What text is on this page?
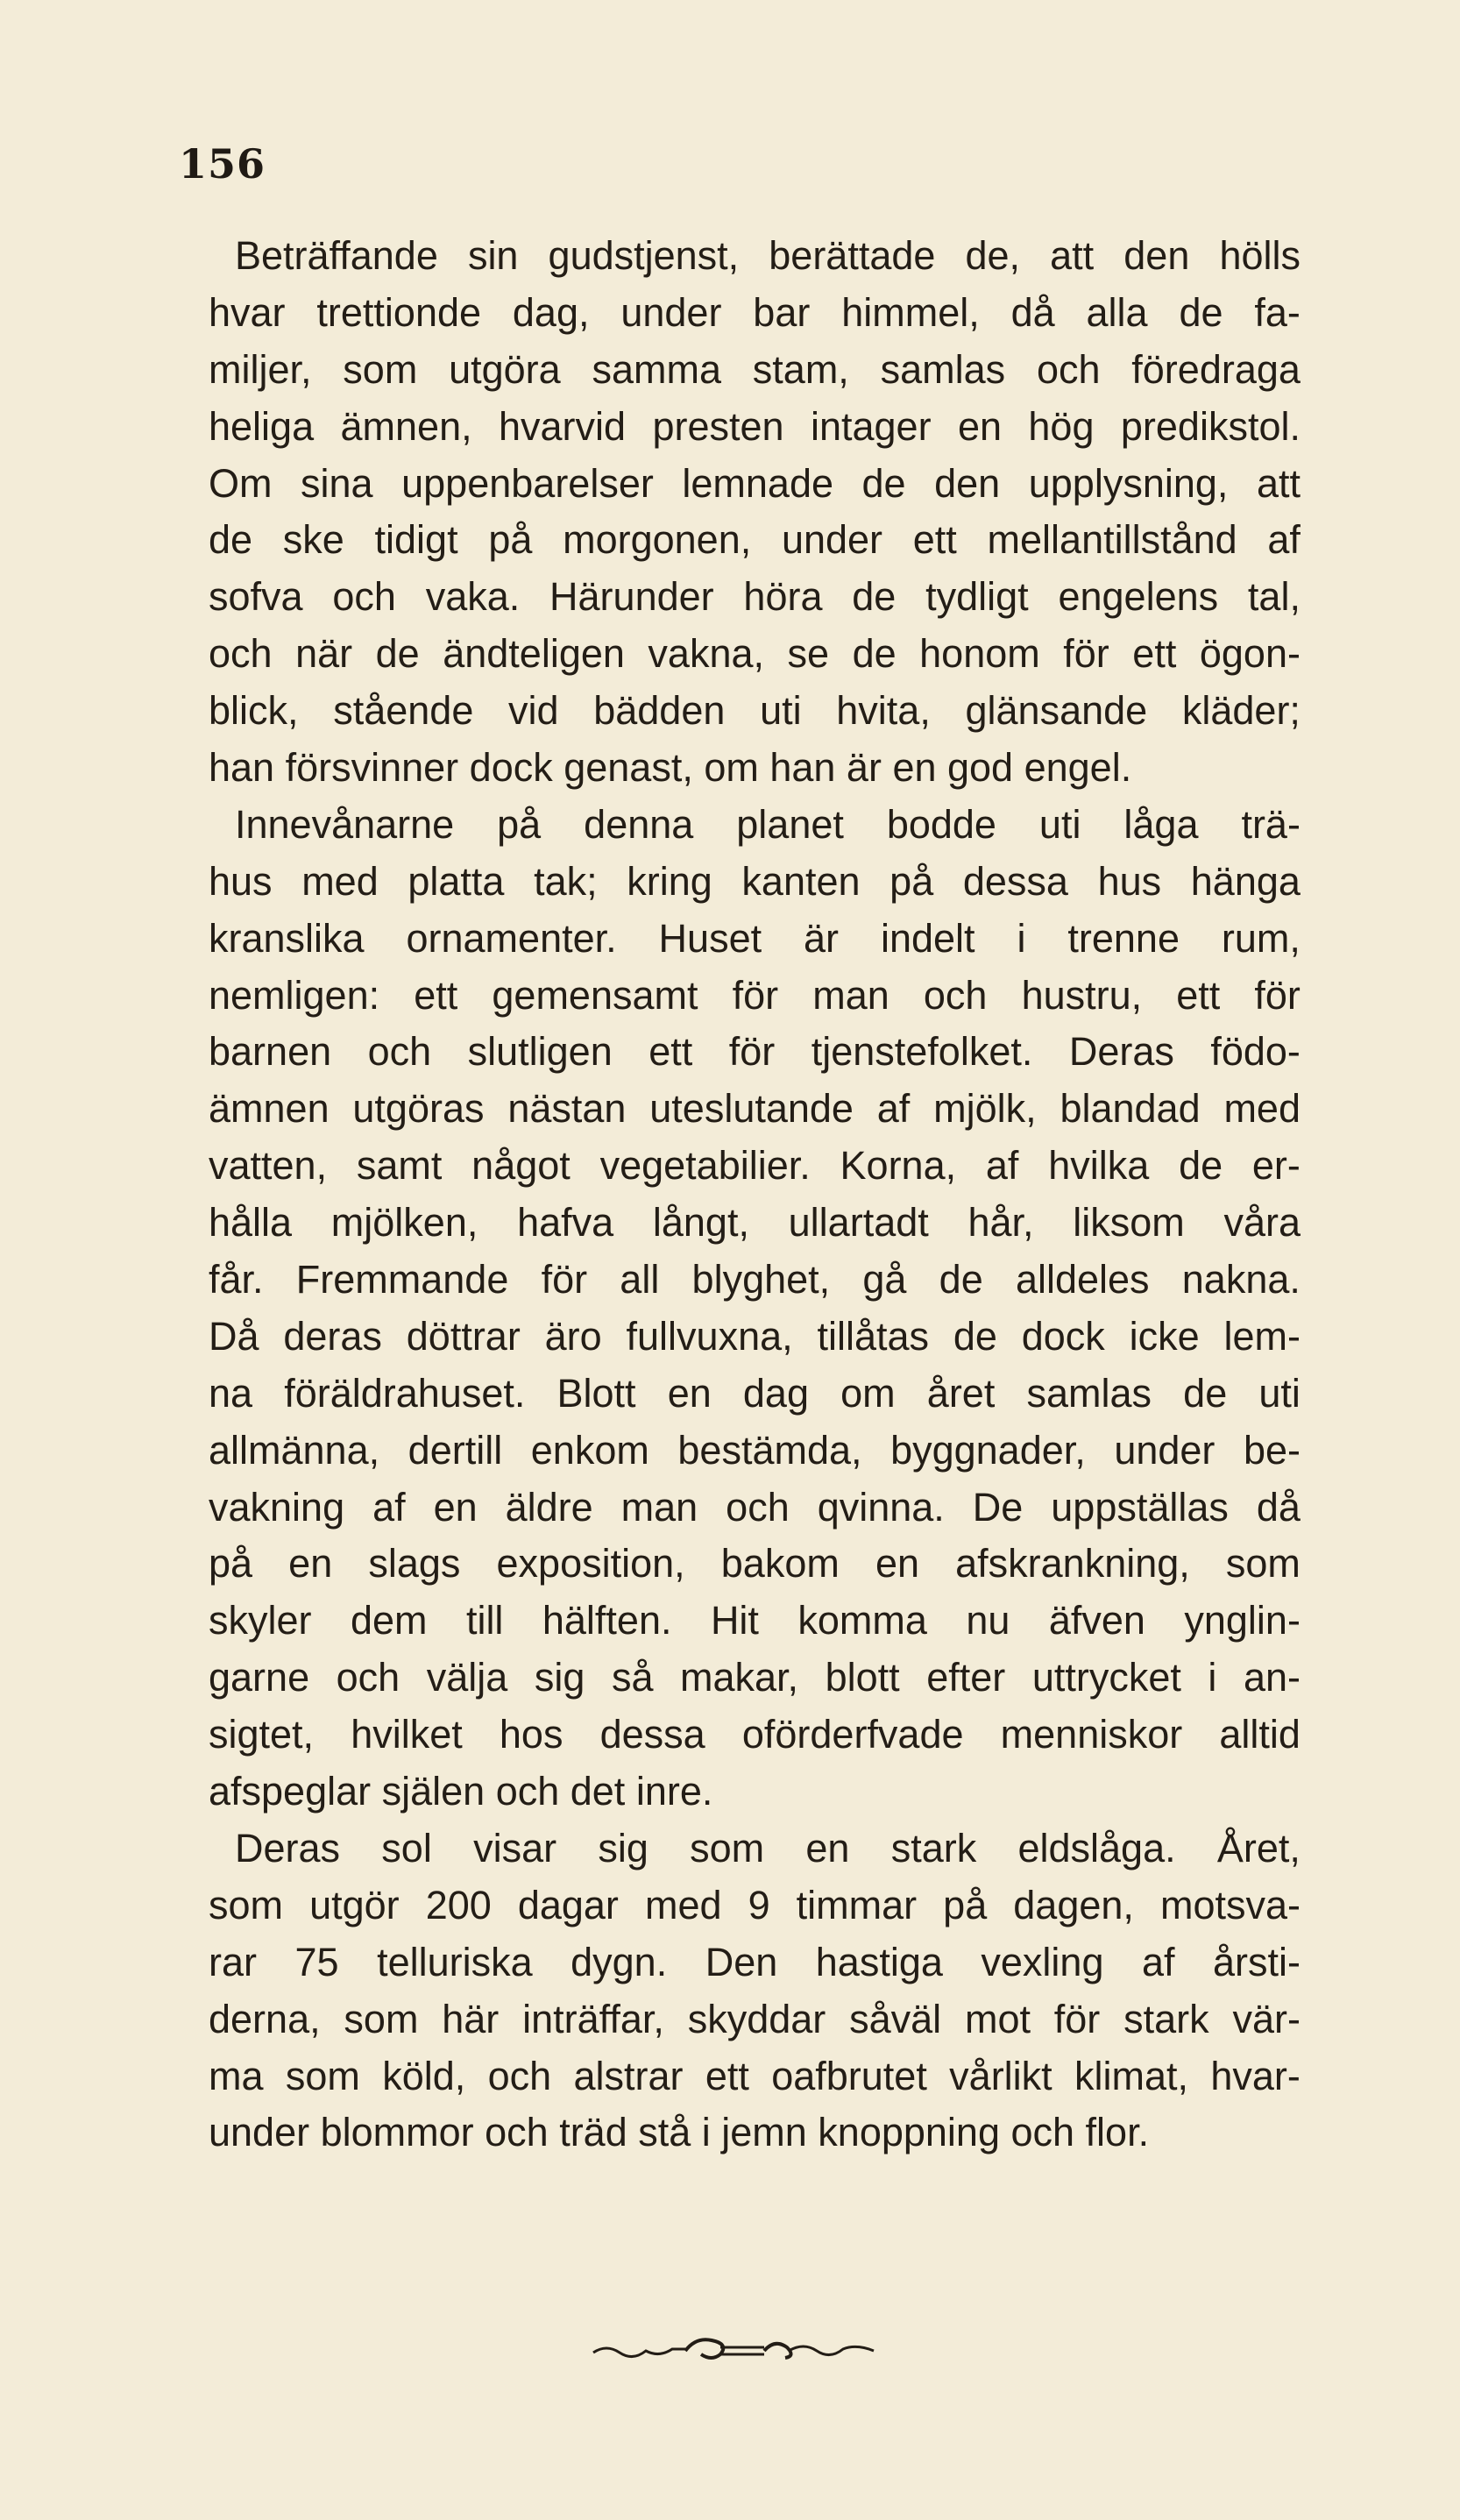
156
Beträffande sin gudstjenst, berättade de, att den hölls
hvar trettionde dag, under bar himmel, då alla de fa-
miljer, som utgöra samma stam, samlas och föredraga
heliga ämnen, hvarvid presten intager en hög predikstol.
Om sina uppenbarelser lemnade de den upplysning, att
de ske tidigt på morgonen, under ett mellantillstånd af
sofva och vaka. Härunder höra de tydligt engelens tal,
och när de ändteligen vakna, se de honom för ett ögon-
blick, stående vid bädden uti hvita, glänsande kläder;
han försvinner dock genast, om han är en god engel.
Innevånarne på denna planet bodde uti låga trä-
hus med platta tak; kring kanten på dessa hus hänga
kranslika ornamenter. Huset är indelt i trenne rum,
nemligen: ett gemensamt för man och hustru, ett för
barnen och slutligen ett för tjenstefolket. Deras födo-
ämnen utgöras nästan uteslutande af mjölk, blandad med
vatten, samt något vegetabilier. Korna, af hvilka de er-
hålla mjölken, hafva långt, ullartadt hår, liksom våra
får. Fremmande för all blyghet, gå de alldeles nakna.
Då deras döttrar äro fullvuxna, tillåtas de dock icke lem-
na föräldrahuset. Blott en dag om året samlas de uti
allmänna, dertill enkom bestämda, byggnader, under be-
vakning af en äldre man och qvinna. De uppställas då
på en slags exposition, bakom en afskrankning, som
skyler dem till hälften. Hit komma nu äfven ynglin-
garne och välja sig så makar, blott efter uttrycket i an-
sigtet, hvilket hos dessa oförderfvade menniskor alltid
afspeglar själen och det inre.
Deras sol visar sig som en stark eldslåga. Året,
som utgör 200 dagar med 9 timmar på dagen, motsva-
rar 75 telluriska dygn. Den hastiga vexling af årsti-
derna, som här inträffar, skyddar såväl mot för stark vär-
ma som köld, och alstrar ett oafbrutet vårlikt klimat, hvar-
under blommor och träd stå i jemn knoppning och flor.
